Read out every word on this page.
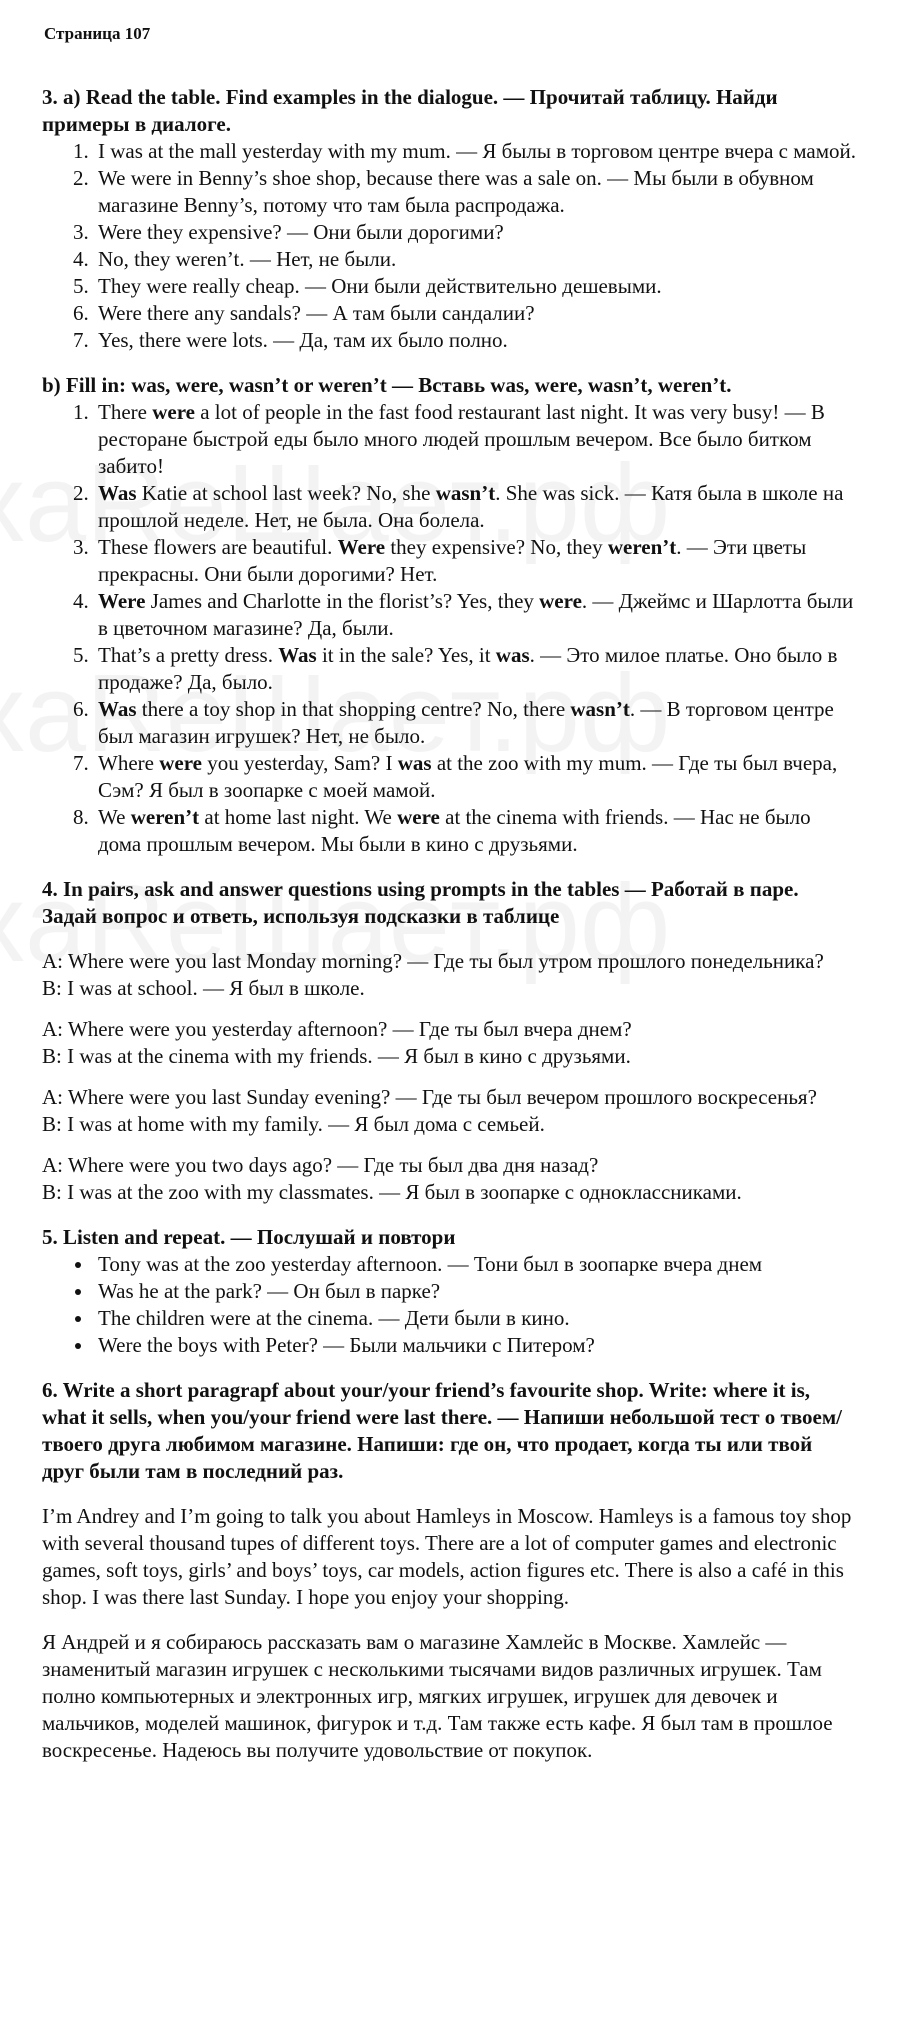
Страница 107

3. a) Read the table. Find examples in the dialogue. — Прочитай таблицу. Найди примеры в диалоге.

1. I was at the mall yesterday with my mum. — Я былы в торговом центре вчера с мамой.
2. We were in Benny’s shoe shop, because there was a sale on. — Мы были в обувном магазине Benny’s, потому что там была распродажа.
3. Were they expensive? — Они были дорогими?
4. No, they weren’t. — Нет, не были.
5. They were really cheap. — Они были действительно дешевыми.
6. Were there any sandals? — А там были сандалии?
7. Yes, there were lots. — Да, там их было полно.

b) Fill in: was, were, wasn’t or weren’t — Вставь was, were, wasn’t, weren’t.

1. There were a lot of people in the fast food restaurant last night. It was very busy! — В ресторане быстрой еды было много людей прошлым вечером. Все было битком забито!
2. Was Katie at school last week? No, she wasn’t. She was sick. — Катя была в школе на прошлой неделе. Нет, не была. Она болела.
3. These flowers are beautiful. Were they expensive? No, they weren’t. — Эти цветы прекрасны. Они были дорогими? Нет.
4. Were James and Charlotte in the florist’s? Yes, they were. — Джеймс и Шарлотта были в цветочном магазине? Да, были.
5. That’s a pretty dress. Was it in the sale? Yes, it was. — Это милое платье. Оно было в продаже? Да, было.
6. Was there a toy shop in that shopping centre? No, there wasn’t. — В торговом центре был магазин игрушек? Нет, не было.
7. Where were you yesterday, Sam? I was at the zoo with my mum. — Где ты был вчера, Сэм? Я был в зоопарке с моей мамой.
8. We weren’t at home last night. We were at the cinema with friends. — Нас не было дома прошлым вечером. Мы были в кино с друзьями.

4. In pairs, ask and answer questions using prompts in the tables — Работай в паре. Задай вопрос и ответь, используя подсказки в таблице

A: Where were you last Monday morning? — Где ты был утром прошлого понедельника?

B: I was at school. — Я был в школе.

A: Where were you yesterday afternoon? — Где ты был вчера днем?

B: I was at the cinema with my friends. — Я был в кино с друзьями.

A: Where were you last Sunday evening? — Где ты был вечером прошлого воскресенья?

B: I was at home with my family. — Я был дома с семьей.

A: Where were you two days ago? — Где ты был два дня назад?

B: I was at the zoo with my classmates. — Я был в зоопарке с одноклассниками.

5. Listen and repeat. — Послушай и повтори

• Tony was at the zoo yesterday afternoon. — Тони был в зоопарке вчера днем
• Was he at the park? — Он был в парке?
• The children were at the cinema. — Дети были в кино.
• Were the boys with Peter? — Были мальчики с Питером?

6. Write a short paragrapf about your/your friend’s favourite shop. Write: where it is, what it sells, when you/your friend were last there. — Напиши небольшой тест о твоем/твоего друга любимом магазине. Напиши: где он, что продает, когда ты или твой друг были там в последний раз.

I’m Andrey and I’m going to talk you about Hamleys in Moscow. Hamleys is a famous toy shop with several thousand tupes of different toys. There are a lot of computer games and electronic games, soft toys, girls’ and boys’ toys, car models, action figures etc. There is also a café in this shop. I was there last Sunday. I hope you enjoy your shopping.

Я Андрей и я собираюсь рассказать вам о магазине Хамлейс в Москве. Хамлейс — знаменитый магазин игрушек с несколькими тысячами видов различных игрушек. Там полно компьютерных и электронных игр, мягких игрушек, игрушек для девочек и мальчиков, моделей машинок, фигурок и т.д. Там также есть кафе. Я был там в прошлое воскресенье. Надеюсь вы получите удовольствие от покупок.
